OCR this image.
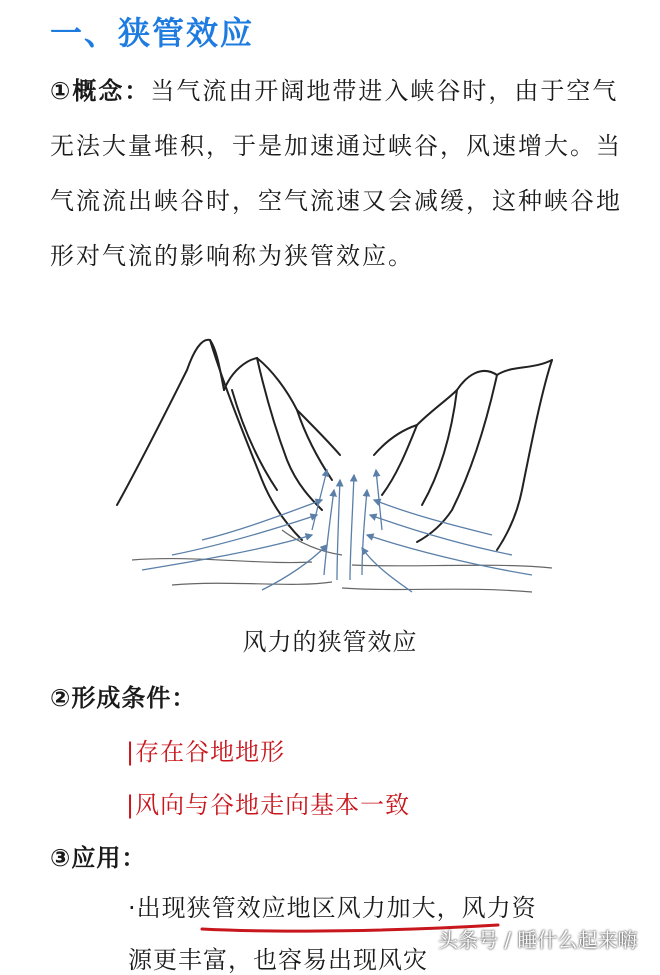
一、狭管效应
①概念：当气流由开阔地带进入峡谷时，由于空气无法大量堆积，于是加速通过峡谷，风速增大。当气流流出峡谷时，空气流速又会减缓，这种峡谷地形对气流的影响称为狭管效应。
风力的狭管效应
②形成条件：
|存在谷地地形
|风向与谷地走向基本一致
③应用：
·出现狭管效应地区风力加大，风力资
源更丰富，也容易出现风灾
头条号 / 睡什么起来嗨
